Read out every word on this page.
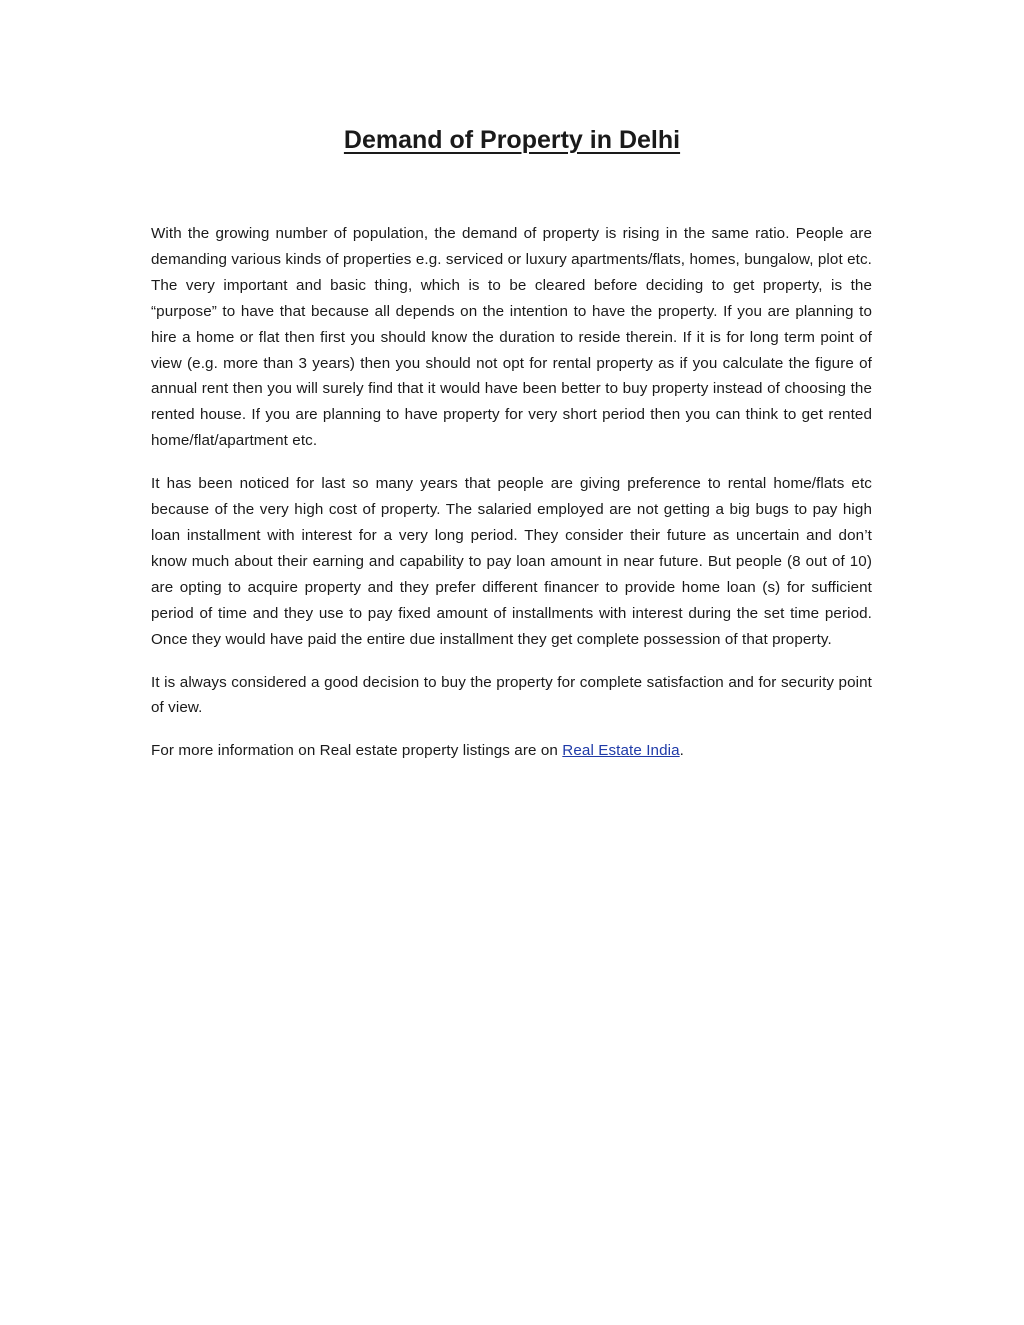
Demand of Property in Delhi

With the growing number of population, the demand of property is rising in the same ratio. People are demanding various kinds of properties e.g. serviced or luxury apartments/flats, homes, bungalow, plot etc. The very important and basic thing, which is to be cleared before deciding to get property, is the “purpose” to have that because all depends on the intention to have the property. If you are planning to hire a home or flat then first you should know the duration to reside therein. If it is for long term point of view (e.g. more than 3 years) then you should not opt for rental property as if you calculate the figure of annual rent then you will surely find that it would have been better to buy property instead of choosing the rented house. If you are planning to have property for very short period then you can think to get rented home/flat/apartment etc.

It has been noticed for last so many years that people are giving preference to rental home/flats etc because of the very high cost of property. The salaried employed are not getting a big bugs to pay high loan installment with interest for a very long period. They consider their future as uncertain and don’t know much about their earning and capability to pay loan amount in near future. But people (8 out of 10) are opting to acquire property and they prefer different financer to provide home loan (s) for sufficient period of time and they use to pay fixed amount of installments with interest during the set time period. Once they would have paid the entire due installment they get complete possession of that property.

It is always considered a good decision to buy the property for complete satisfaction and for security point of view.

For more information on Real estate property listings are on Real Estate India.
